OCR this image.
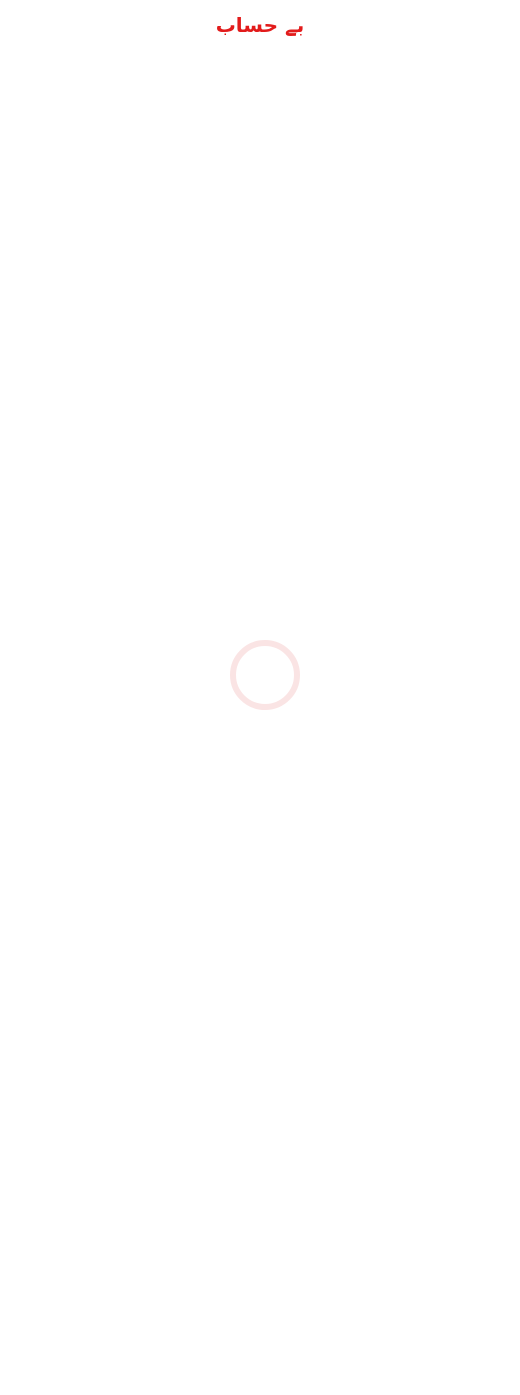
بے حساب
